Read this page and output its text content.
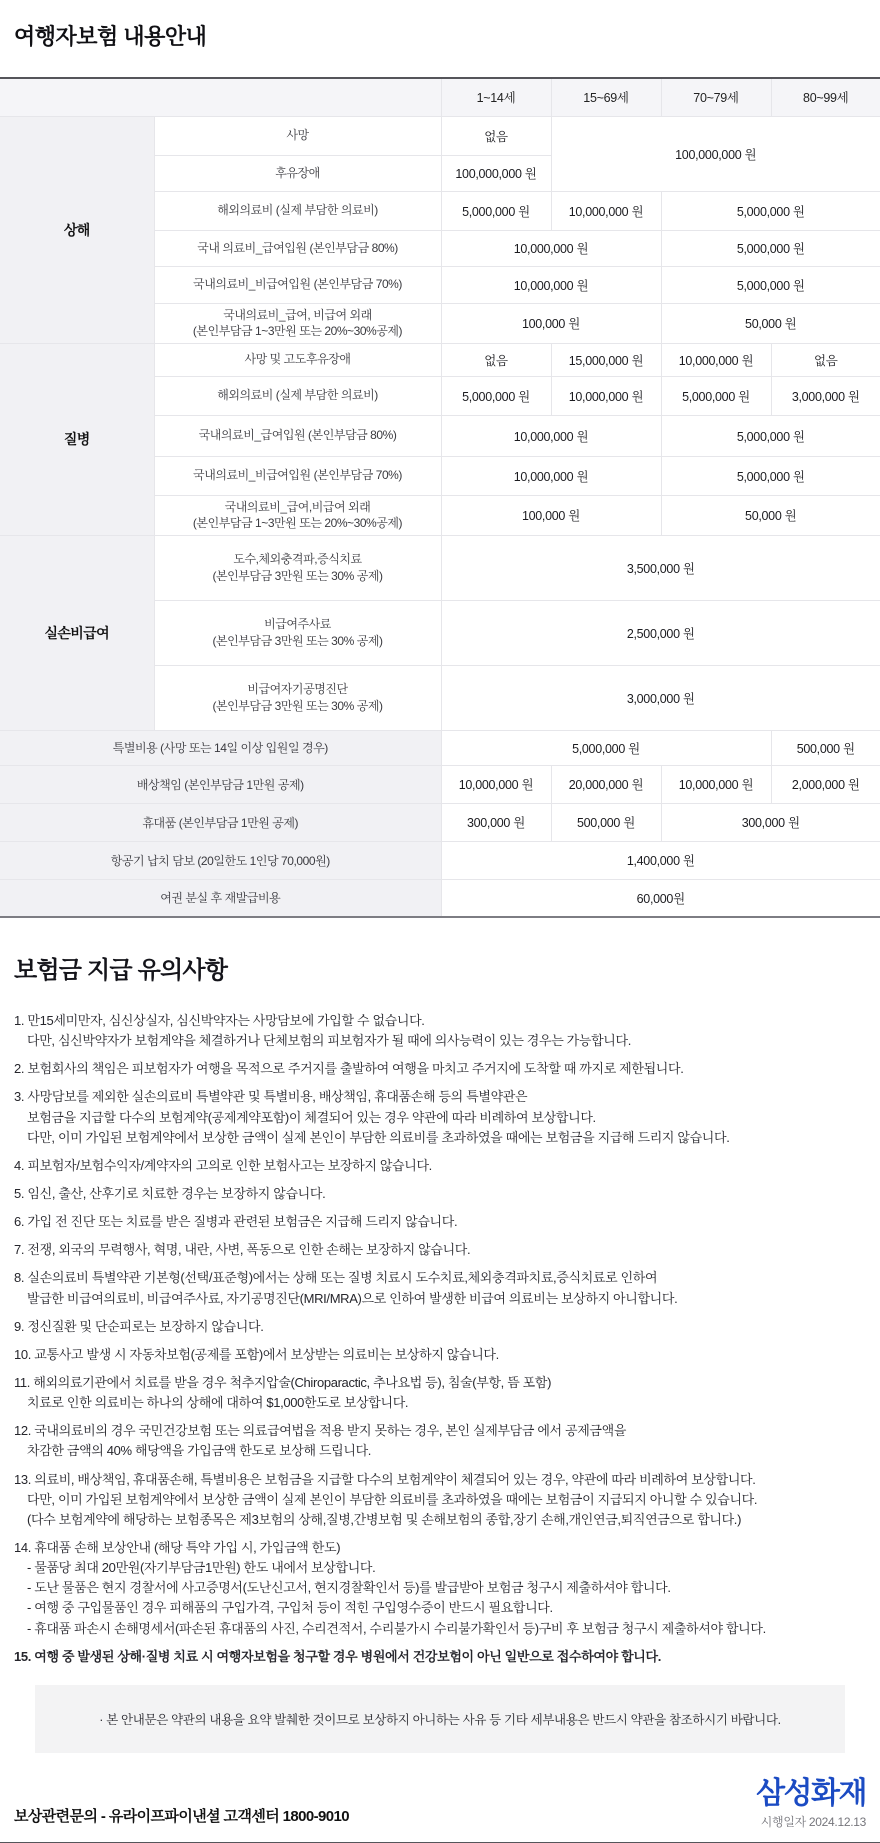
여행자보험 내용안내
		1~14세	15~69세	70~79세	80~99세
상해	사망	없음	100,000,000 원		
	후유장애	100,000,000 원			
	해외의료비 (실제 부담한 의료비)	5,000,000 원	10,000,000 원	5,000,000 원	
	국내 의료비_급여입원 (본인부담금 80%)	10,000,000 원		5,000,000 원	
	국내의료비_비급여입원 (본인부담금 70%)	10,000,000 원		5,000,000 원	

	국내의료비_급여, 비급여 외래
(본인부담금 1~3만원 또는 20%~30%공제)	100,000 원		50,000 원	
질병	사망 및 고도후유장애	없음	15,000,000 원	10,000,000 원	없음
	해외의료비 (실제 부담한 의료비)	5,000,000 원	10,000,000 원	5,000,000 원	3,000,000 원
	국내의료비_급여입원 (본인부담금 80%)	10,000,000 원		5,000,000 원	
	국내의료비_비급여입원 (본인부담금 70%)	10,000,000 원		5,000,000 원	

	국내의료비_급여,비급여 외래
(본인부담금 1~3만원 또는 20%~30%공제)	100,000 원		50,000 원	
실손비급여	도수,체외충격파,증식치료
(본인부담금 3만원 또는 30% 공제)	3,500,000 원			

	비급여주사료
(본인부담금 3만원 또는 30% 공제)	2,500,000 원			

	비급여자기공명진단
(본인부담금 3만원 또는 30% 공제)	3,000,000 원			
특별비용 (사망 또는 14일 이상 입원일 경우)		5,000,000 원			500,000 원
배상책임 (본인부담금 1만원 공제)		10,000,000 원	20,000,000 원	10,000,000 원	2,000,000 원
휴대품 (본인부담금 1만원 공제)		300,000 원	500,000 원	300,000 원	
항공기 납치 담보 (20일한도 1인당 70,000원)		1,400,000 원			
여권 분실 후 재발급비용		60,000원			
보험금 지급 유의사항
1. 만15세미만자, 심신상실자, 심신박약자는 사망담보에 가입할 수 없습니다.
다만, 심신박약자가 보험계약을 체결하거나 단체보험의 피보험자가 될 때에 의사능력이 있는 경우는 가능합니다.
2. 보험회사의 책임은 피보험자가 여행을 목적으로 주거지를 출발하여 여행을 마치고 주거지에 도착할 때 까지로 제한됩니다.
3. 사망담보를 제외한 실손의료비 특별약관 및 특별비용, 배상책임, 휴대품손해 등의 특별약관은
보험금을 지급할 다수의 보험계약(공제계약포함)이 체결되어 있는 경우 약관에 따라 비례하여 보상합니다.
다만, 이미 가입된 보험계약에서 보상한 금액이 실제 본인이 부담한 의료비를 초과하였을 때에는 보험금을 지급해 드리지 않습니다.
4. 피보험자/보험수익자/계약자의 고의로 인한 보험사고는 보장하지 않습니다.
5. 임신, 출산, 산후기로 치료한 경우는 보장하지 않습니다.
6. 가입 전 진단 또는 치료를 받은 질병과 관련된 보험금은 지급해 드리지 않습니다.
7. 전쟁, 외국의 무력행사, 혁명, 내란, 사변, 폭동으로 인한 손해는 보장하지 않습니다.
8. 실손의료비 특별약관 기본형(선택/표준형)에서는 상해 또는 질병 치료시 도수치료,체외충격파치료,증식치료로 인하여
발급한 비급여의료비, 비급여주사료, 자기공명진단(MRI/MRA)으로 인하여 발생한 비급여 의료비는 보상하지 아니합니다.
9. 정신질환 및 단순피로는 보장하지 않습니다.
10. 교통사고 발생 시 자동차보험(공제를 포함)에서 보상받는 의료비는 보상하지 않습니다.
11. 해외의료기관에서 치료를 받을 경우 척추지압술(Chiroparactic, 추나요법 등), 침술(부항, 뜸 포함)
치료로 인한 의료비는 하나의 상해에 대하여 $1,000한도로 보상합니다.
12. 국내의료비의 경우 국민건강보험 또는 의료급여법을 적용 받지 못하는 경우, 본인 실제부담금 에서 공제금액을
차감한 금액의 40% 해당액을 가입금액 한도로 보상해 드립니다.
13. 의료비, 배상책임, 휴대품손해, 특별비용은 보험금을 지급할 다수의 보험계약이 체결되어 있는 경우, 약관에 따라 비례하여 보상합니다.
다만, 이미 가입된 보험계약에서 보상한 금액이 실제 본인이 부담한 의료비를 초과하였을 때에는 보험금이 지급되지 아니할 수 있습니다.
(다수 보험계약에 해당하는 보험종목은 제3보험의 상해,질병,간병보험 및 손해보험의 종합,장기 손해,개인연금,퇴직연금으로 합니다.)
14. 휴대품 손해 보상안내 (해당 특약 가입 시, 가입금액 한도)
- 물품당 최대 20만원(자기부담금1만원) 한도 내에서 보상합니다.
- 도난 물품은 현지 경찰서에 사고증명서(도난신고서, 현지경찰확인서 등)를 발급받아 보험금 청구시 제출하셔야 합니다.
- 여행 중 구입물품인 경우 피해품의 구입가격, 구입처 등이 적힌 구입영수증이 반드시 필요합니다.
- 휴대품 파손시 손해명세서(파손된 휴대품의 사진, 수리견적서, 수리불가시 수리불가확인서 등)구비 후 보험금 청구시 제출하셔야 합니다.
15. 여행 중 발생된 상해·질병 치료 시 여행자보험을 청구할 경우 병원에서 건강보험이 아닌 일반으로 접수하여야 합니다.
· 본 안내문은 약관의 내용을 요약 발췌한 것이므로 보상하지 아니하는 사유 등 기타 세부내용은 반드시 약관을 참조하시기 바랍니다.
보상관련문의 - 유라이프파이낸셜 고객센터 1800-9010
삼성화재
시행일자 2024.12.13
